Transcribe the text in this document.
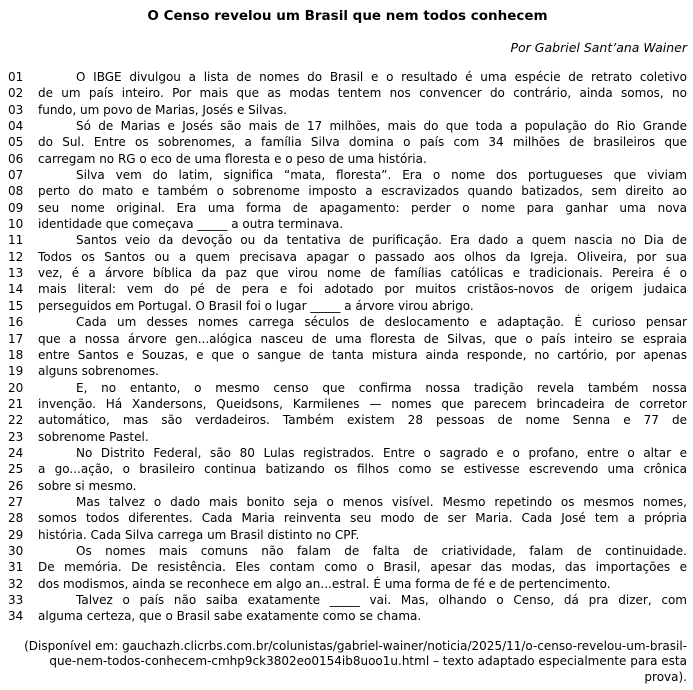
O Censo revelou um Brasil que nem todos conhecem
Por Gabriel Sant’ana Wainer
01	O IBGE divulgou a lista de nomes do Brasil e o resultado é uma espécie de retrato coletivo
02	de um país inteiro. Por mais que as modas tentem nos convencer do contrário, ainda somos, no
03	fundo, um povo de Marias, Josés e Silvas.
04	Só de Marias e Josés são mais de 17 milhões, mais do que toda a população do Rio Grande
05	do Sul. Entre os sobrenomes, a família Silva domina o país com 34 milhões de brasileiros que
06	carregam no RG o eco de uma floresta e o peso de uma história.
07	Silva vem do latim, significa “mata, floresta”. Era o nome dos portugueses que viviam
08	perto do mato e também o sobrenome imposto a escravizados quando batizados, sem direito ao
09	seu nome original. Era uma forma de apagamento: perder o nome para ganhar uma nova
10	identidade que começava _____ a outra terminava.
11	Santos veio da devoção ou da tentativa de purificação. Era dado a quem nascia no Dia de
12	Todos os Santos ou a quem precisava apagar o passado aos olhos da Igreja. Oliveira, por sua
13	vez, é a árvore bíblica da paz que virou nome de famílias católicas e tradicionais. Pereira é o
14	mais literal: vem do pé de pera e foi adotado por muitos cristãos-novos de origem judaica
15	perseguidos em Portugal. O Brasil foi o lugar _____ a árvore virou abrigo.
16	Cada um desses nomes carrega séculos de deslocamento e adaptação. É curioso pensar
17	que a nossa árvore gen...alógica nasceu de uma floresta de Silvas, que o país inteiro se espraia
18	entre Santos e Souzas, e que o sangue de tanta mistura ainda responde, no cartório, por apenas
19	alguns sobrenomes.
20	E, no entanto, o mesmo censo que confirma nossa tradição revela também nossa
21	invenção. Há Xandersons, Queidsons, Karmilenes — nomes que parecem brincadeira de corretor
22	automático, mas são verdadeiros. Também existem 28 pessoas de nome Senna e 77 de
23	sobrenome Pastel.
24	No Distrito Federal, são 80 Lulas registrados. Entre o sagrado e o profano, entre o altar e
25	a go...ação, o brasileiro continua batizando os filhos como se estivesse escrevendo uma crônica
26	sobre si mesmo.
27	Mas talvez o dado mais bonito seja o menos visível. Mesmo repetindo os mesmos nomes,
28	somos todos diferentes. Cada Maria reinventa seu modo de ser Maria. Cada José tem a própria
29	história. Cada Silva carrega um Brasil distinto no CPF.
30	Os nomes mais comuns não falam de falta de criatividade, falam de continuidade.
31	De memória. De resistência. Eles contam como o Brasil, apesar das modas, das importações e
32	dos modismos, ainda se reconhece em algo an...estral. É uma forma de fé e de pertencimento.
33	Talvez o país não saiba exatamente _____ vai. Mas, olhando o Censo, dá pra dizer, com
34	alguma certeza, que o Brasil sabe exatamente como se chama.
(Disponível em: gauchazh.clicrbs.com.br/colunistas/gabriel-wainer/noticia/2025/11/o-censo-revelou-um-brasil-que-nem-todos-conhecem-cmhp9ck3802eo0154ib8uoo1u.html – texto adaptado especialmente para esta prova).
